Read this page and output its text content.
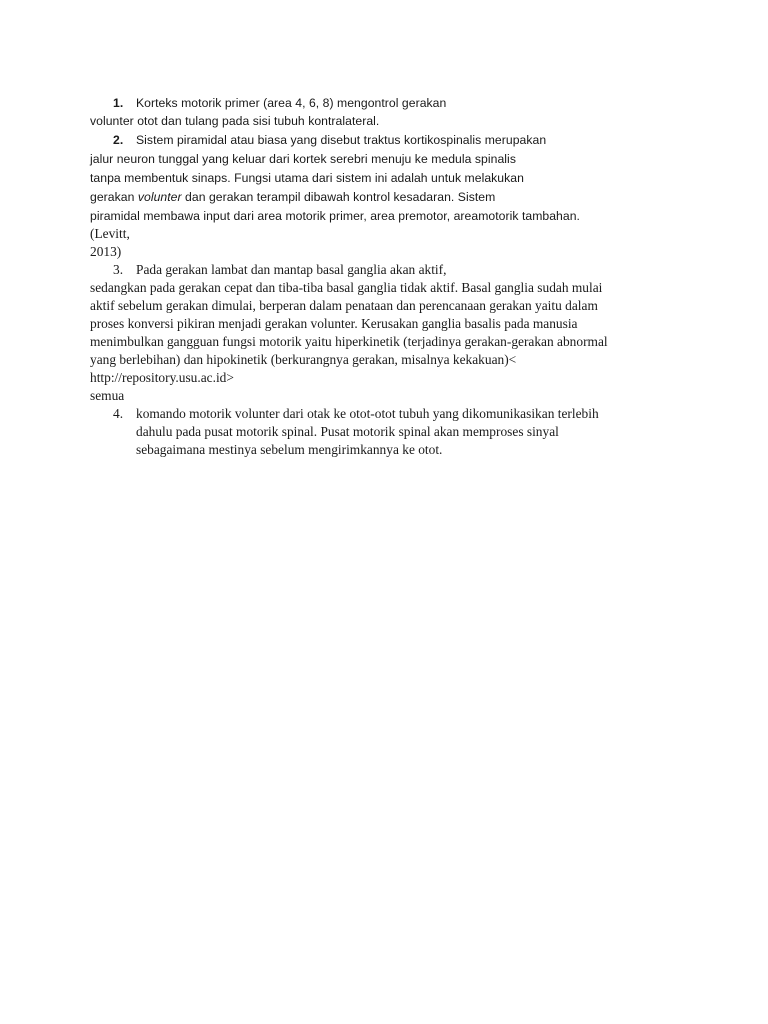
1. Korteks motorik primer (area 4, 6, 8) mengontrol gerakan
volunter otot dan tulang pada sisi tubuh kontralateral.
2. Sistem piramidal atau biasa yang disebut traktus kortikospinalis merupakan
jalur neuron tunggal yang keluar dari kortek serebri menuju ke medula spinalis
tanpa membentuk sinaps. Fungsi utama dari sistem ini adalah untuk melakukan
gerakan volunter dan gerakan terampil dibawah kontrol kesadaran. Sistem
piramidal membawa input dari area motorik primer, area premotor, areamotorik tambahan.
(Levitt,
2013)
3. Pada gerakan lambat dan mantap basal ganglia akan aktif,
sedangkan pada gerakan cepat dan tiba-tiba basal ganglia tidak aktif. Basal ganglia sudah mulai
aktif sebelum gerakan dimulai, berperan dalam penataan dan perencanaan gerakan yaitu dalam
proses konversi pikiran menjadi gerakan volunter. Kerusakan ganglia basalis pada manusia
menimbulkan gangguan fungsi motorik yaitu hiperkinetik (terjadinya gerakan-gerakan abnormal
yang berlebihan) dan hipokinetik (berkurangnya gerakan, misalnya kekakuan)<
http://repository.usu.ac.id>
semua
4. komando motorik volunter dari otak ke otot-otot tubuh yang dikomunikasikan terlebih
dahulu pada pusat motorik spinal. Pusat motorik spinal akan memproses sinyal
sebagaimana mestinya sebelum mengirimkannya ke otot.
